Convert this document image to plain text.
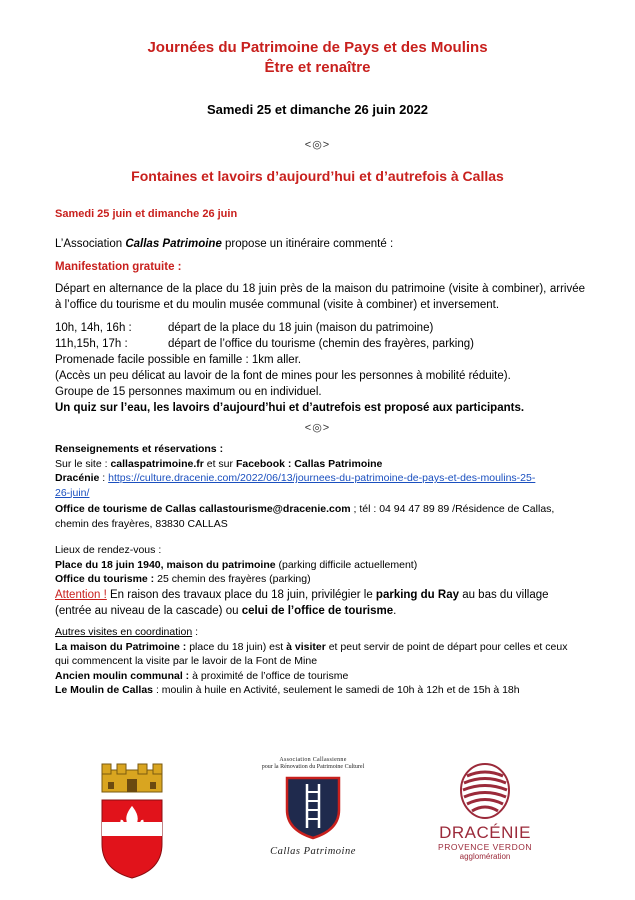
Journées du Patrimoine de Pays et des Moulins
Être et renaître
Samedi 25 et dimanche 26 juin 2022
<◎>
Fontaines et lavoirs d’aujourd’hui et d’autrefois à Callas
Samedi 25 juin et dimanche 26 juin
L’Association Callas Patrimoine propose un itinéraire commenté :
Manifestation gratuite :
Départ en alternance de la place du 18 juin près de la maison du patrimoine (visite à combiner), arrivée à l’office du tourisme et du moulin musée communal (visite à combiner) et inversement.
10h, 14h, 16h :	départ de la place du 18 juin (maison du patrimoine)
11h,15h, 17h :	départ de l’office du tourisme (chemin des frayères, parking)
Promenade facile possible en famille : 1km aller.
(Accès un peu délicat au lavoir de la font de mines pour les personnes à mobilité réduite).
Groupe de 15 personnes maximum ou en individuel.
Un quiz sur l’eau, les lavoirs d’aujourd’hui et d’autrefois est proposé aux participants.
<◎>
Renseignements et réservations :
Sur le site : callaspatrimoine.fr et sur Facebook : Callas Patrimoine
Dracénie : https://culture.dracenie.com/2022/06/13/journees-du-patrimoine-de-pays-et-des-moulins-25-
26-juin/
Office de tourisme de Callas callastourisme@dracenie.com ; tél : 04 94 47 89 89 /Résidence de Callas,
chemin des frayères, 83830 CALLAS
Lieux de rendez-vous :
Place du 18 juin 1940, maison du patrimoine (parking difficile actuellement)
Office du tourisme : 25 chemin des frayères (parking)
Attention ! En raison des travaux place du 18 juin, privilégier le parking du Ray au bas du village
(entrée au niveau de la cascade) ou celui de l’office de tourisme.
Autres visites en coordination :
La maison du Patrimoine : place du 18 juin) est à visiter et peut servir de point de départ pour celles et ceux
qui commencent la visite par le lavoir de la Font de Mine
Ancien moulin communal : à proximité de l’office de tourisme
Le Moulin de Callas : moulin à huile en Activité, seulement le samedi de 10h à 12h et de 15h à 18h
Association Callassienne
pour la Rénovation du Patrimoine Culturel
Callas Patrimoine
DRACÉNIE
PROVENCE VERDON
agglomération
